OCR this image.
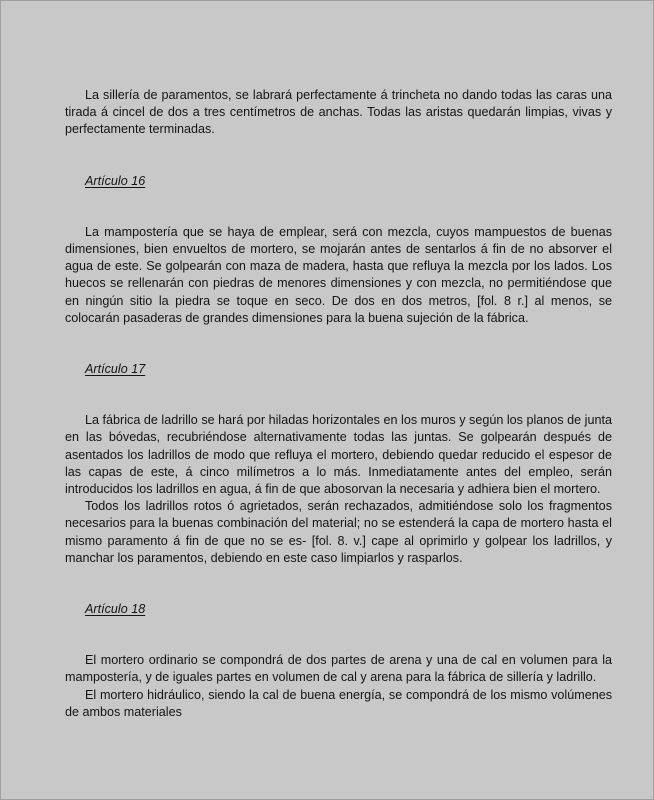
La sillería de paramentos, se labrará perfectamente á trincheta no dando todas las caras una tirada á cincel de dos a tres centímetros de anchas. Todas las aristas quedarán limpias, vivas y perfectamente terminadas.

Artículo 16

La mampostería que se haya de emplear, será con mezcla, cuyos mampuestos de buenas dimensiones, bien envueltos de mortero, se mojarán antes de sentarlos á fin de no absorver el agua de este. Se golpearán con maza de madera, hasta que refluya la mezcla por los lados. Los huecos se rellenarán con piedras de menores dimensiones y con mezcla, no permitiéndose que en ningún sitio la piedra se toque en seco. De dos en dos metros, [fol. 8 r.] al menos, se colocarán pasaderas de grandes dimensiones para la buena sujeción de la fábrica.

Artículo 17

La fábrica de ladrillo se hará por hiladas horizontales en los muros y según los planos de junta en las bóvedas, recubriéndose alternativamente todas las juntas. Se golpearán después de asentados los ladrillos de modo que refluya el mortero, debiendo quedar reducido el espesor de las capas de este, á cinco milímetros a lo más. Inmediatamente antes del empleo, serán introducidos los ladrillos en agua, á fin de que abosorvan la necesaria y adhiera bien el mortero.

Todos los ladrillos rotos ó agrietados, serán rechazados, admitiéndose solo los fragmentos necesarios para la buenas combinación del material; no se estenderá la capa de mortero hasta el mismo paramento á fin de que no se es- [fol. 8. v.] cape al oprimirlo y golpear los ladrillos, y manchar los paramentos, debiendo en este caso limpiarlos y rasparlos.

Artículo 18

El mortero ordinario se compondrá de dos partes de arena y una de cal en volumen para la mampostería, y de iguales partes en volumen de cal y arena para la fábrica de sillería y ladrillo.

El mortero hidráulico, siendo la cal de buena energía, se compondrá de los mismo volúmenes de ambos materiales
